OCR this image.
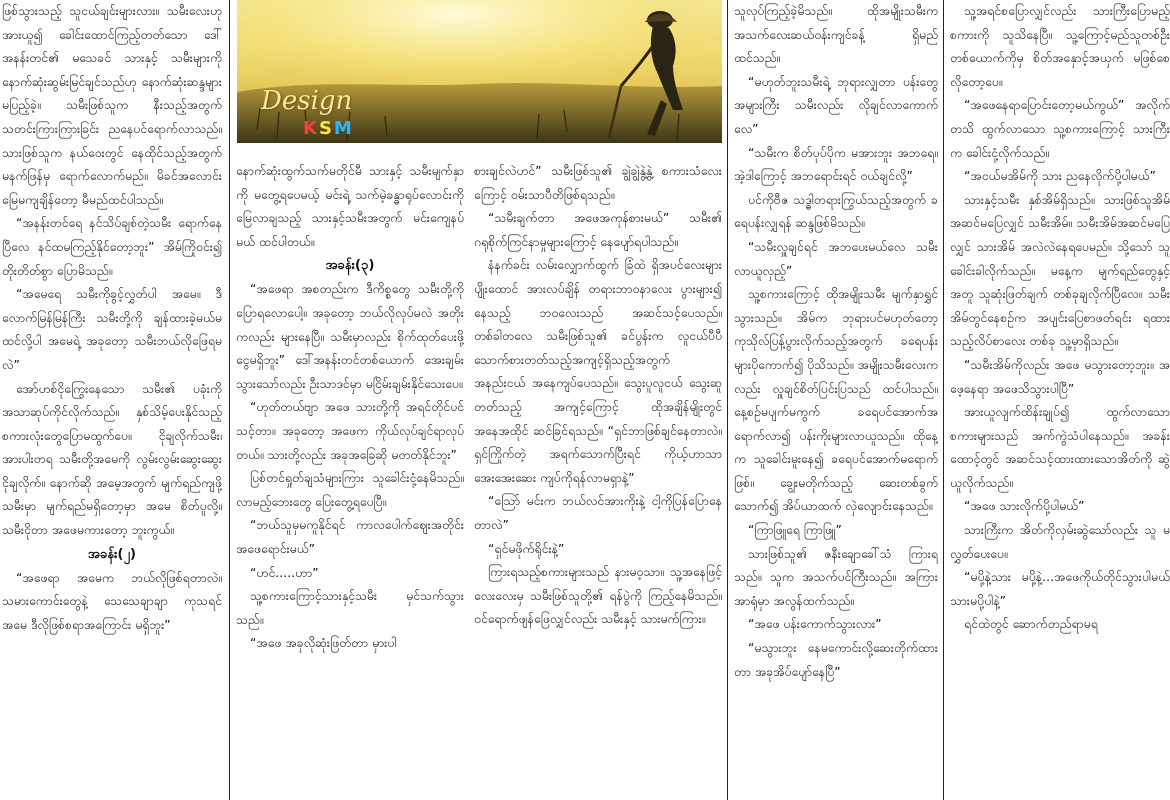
ဖြစ်သွားသည့် သူငယ်ချင်းများလား။ သမီးလေးဟု အားယူ၍ ခေါင်းထောင်ကြည့်တတ်သော ဒေါ်အနန်းတင်၏ မသေခင် သားနှင့် သမီးများကို နောက်ဆုံးဆွမ်းမြင်ချင်သည်ဟု နောက်ဆုံးဆန္ဒများ မပြည့်ခဲ့။ သမီးဖြစ်သူက နီးသည့်အတွက် သတင်းကြားကြားခြင်း ညနေပင်ရောက်လာသည်။ သားဖြစ်သူက နယ်ဝေးတွင် နေထိုင်သည့်အတွက် မနက်ဖြန်မှ ရောက်လောက်မည်။ မိခင်အလောင်း မြေမကျချိန်တော့ မီမည်ထင်ပါသည်။

“အနန်းတင်ရေ နင်သိပ်ချစ်တဲ့သမီး ရောက်နေပြီလေ နင်ထမကြည့်နိုင်တော့ဘူး” အိမ်ကြိုဝင်း၍ တိုးတိတ်စွာ ပြောမိသည်။

“အမေရေ သမီးကိုခွင့်လွှတ်ပါ အမေ။ ဒီလောက်မြန်မြန်ကြီး သမီးတို့ကို ချန်ထားခဲ့မယ်မထင်လို့ပါ အမေရဲ့ အခုတော့ သမီးဘယ်လိုဖြေရမလဲ”

အော်ဟစ်ငိုကြွေးနေသော သမီး၏ ပခုံးကို အသာဆုပ်ကိုင်လိုက်သည်။ နှစ်သိမ့်ပေးနိုင်သည့် စကားလုံးတွေပြောမထွက်ပေ။ ငိုချလိုက်သမီး၊ အားပါးတရ သမီးတို့အမေကို လွမ်းလွမ်းဆွေးဆွေး ငိုချလိုက်။ နောက်ဆို အမေ့အတွက် မျက်ရည်ကျဖို့ သမီးမှာ မျက်ရည်မရှိတော့မှာ အမေ စိတ်ပူလို့။ သမီးငိုတာ အဖေမကားတော့ ဘူးကွယ်။

အခန်း(၂)

“အဖေရာ အမေက ဘယ်လိုဖြစ်ရတာလဲ။ သမားကောင်းတွေနဲ့ သေသေချာချာ ကုသရင် အမေ ဒီလိုဖြစ်စရာအကြောင်း မရှိဘူး”

Design
KSM

နောက်ဆုံးထွက်သက်မတိုင်မီ သားနှင့် သမီးမျက်နှာကို မတွေ့ရပေမယ့် မင်းရဲ့ သက်မဲ့ခန္ဓာရုပ်လောင်းကို မြေလာချသည့် သားနှင့်သမီးအတွက် မင်းကျေနပ်မယ် ထင်ပါတယ်။

အခန်း(၃)

“အဖေရာ အစတည်းက ဒီကိစ္စတွေ သမီးတို့ကို ပြောရလောပေါ့။ အခုတော့ ဘယ်လိုလုပ်မလဲ အတိုးကလည်း များနေပြီ။ သမီးမှာလည်း စိုက်ထုတ်ပေးဖို့ ငွေမရှိဘူး” ဒေါ်အနန်းတင်တစ်ယောက် အေးချမ်းသွားသော်လည်း ဦးသာဒင်မှာ မငြိမ်းချမ်းနိုင်သေးပေ။

“ဟုတ်တယ်ဗျာ အဖေ သားတို့ကို အရင်တိုင်ပင်သင့်တာ။ အခုတော့ အဖေက ကိုယ်လုပ်ချင်ရာလုပ်တယ်။ သားတို့လည်း အခုအခြေဆို မတတ်နိုင်ဘူး”

ပြစ်တင်ရှုတ်ချသံများကြား သူခေါင်းငုံ့နေမိသည်။ လာမည့်ဘေးတွေ ပြေးတွေ့ရပေပြီ။

“ဘယ်သူမှမကူနိုင်ရင် ကာလပေါက်ဈေးအတိုင်း အဖေရောင်းမယ်”

“ဟင်.....ဟာ”

သူ့စကားကြောင့်သားနှင့်သမီး မှင်သက်သွားသည်။

“အဖေ အခုလိုဆုံးဖြတ်တာ မှားပါ

စားချင်လဲဟင်” သမီးဖြစ်သူ၏ ချွဲချွဲနွဲ့နွဲ့ စကားသံလေးကြောင့် ဝမ်းသာပီတိဖြစ်ရသည်။

“သမီးချက်တာ အဖေအကုန်စားမယ်” သမီး၏ ဂရုစိုက်ကြင်နာမှုများကြောင့် နေပျော်ရပါသည်။

နံနက်ခင်း လမ်းလျှောက်ထွက် ခြံထဲ ရှိအပင်လေးများပျိုးထောင် အားလပ်ချိန် တရားဘာဝနာလေး ပွားများ၍ နေသည့် ဘဝလေးသည် အဆင်သင့်ပေသည်။ တစ်ခါတလေ သမီးဖြစ်သူ၏ ခင်ပွန်းက လူငယ်ပီပီ သောက်စားတတ်သည့်အကျင့်ရှိသည့်အတွက် အနည်းငယ် အနေကျပ်ပေသည်။ သွေးပူလူငယ် သွေးဆူတတ်သည့် အကျင့်ကြောင့် ထိုအချိန်မျိုးတွင် အနေအထိုင် ဆင်ခြင်ရသည်။ “ရှင်ဘာဖြစ်ချင်နေတာလဲ။ ရှင်ကြိုက်တဲ့ အရက်သောက်ပြီးရင် ကိုယ့်ဟာသာအေးအေးဆေး ကျပ်ကိုရန်လာမရှာနဲ့”

“ဩော် မင်းက ဘယ်လင်အားကိုးနဲ့ ငါ့ကိုပြန်ပြောနေတာလဲ”

“ရှင်မဖိုက်ရိုင်းနဲ့”

ကြားရသည့်စကားများသည် နားမဝ့သာ။ သူ့အနေဖြင့်လေးလေးမှ သမီးဖြစ်သူတို့၏ ရန်ပွဲကို ကြည့်နေမိသည်။ ဝင်ရောက်ဖျန်ဖြေလျှင်လည်း သမီးနှင့် သားမက်ကြား။

သူလုပ်ကြည့်ခဲ့မိသည်။ ထိုအမျိုးသမီးက အသက်လေးဆယ်ဝန်းကျင်ခန့် ရှိမည်ထင်သည်။

“မဟုတ်ဘူးသမီးရဲ့ ဘုရားလျှတာ ပန်းတွေအများကြီး သမီးလည်း လိုချင်လာကောက်လေ”

“သမီးက စိတ်ပုပ်ပိုက မအားဘူး အဘရေ။ အဲ့ဒါကြောင့် အဘရောင်းရင် ဝယ်ချင်လို့”

ပင်ကိုဗီဇ သဒ္ဓါတရားကြွယ်သည့်အတွက် ခရေပန်းလျှရန် ဆန္ဒဖြစ်မိသည်။

“သမီးလှူချင်ရင် အဘပေးမယ်လေ သမီးလာယူလှည့်”

သူ့စကားကြောင့် ထိုအမျိုးသမီး မျက်နှာရွှင်သွားသည်။ အိမ်က ဘုရားပင်မဟုတ်တော့ ကုသိုလ်ပြန့်ပွားလိုက်သည့်အတွက် ခရေပန်းများပိုကောက်၍ ပိုသိသည်။ အမျိုးသမီးလေးကလည်း လှူချင်စိတ်ပြင်းပြသည် ထင်ပါသည်။ နေ့စဉ်မပျက်မကွက် ခရေပင်အောက်အရောက်လာ၍ ပန်းကိုးများလာယူသည်။ ထိုနေ့က သူခေါင်းမူးနေ၍ ခရေပင်အောက်မရောက်ဖြစ်။ ချွေးမတိုက်သည့် ဆေးတစ်ခွက်သောက်၍ အိပ်ယာထက် လှဲလျောင်းနေသည်။

“ကြာဖြူရေ ကြာဖြူ”

သားဖြစ်သူ၏ ဇနီးချောခေါ်သံ ကြားရသည်။ သူက အသက်ပင်ကြီးသည်။ အကြားအာရုံမှာ အလွန်ထက်သည်။

“အဖေ ပန်းကောက်သွားလား”

“မသွားဘူး နေမကောင်းလို့ဆေးတိုက်ထားတာ အခုအိပ်ပျော်နေပြီ”

သူ့အရင်စပြောလျှင်လည်း သားကြီးပြောမည့်စကားကို သူသိနေပြီ။ သူ့ကြောင့်မည်သူတစ်ဦးတစ်ယောက်ကိုမှ စိတ်အနှောင့်အယှက် မဖြစ်စေလိုတော့ပေ။

“အဖေနေရာပြောင်းတော့မယ်ကွယ်” အလိုက်တသိ ထွက်လာသော သူ့စကားကြောင့် သားကြီးက ခေါင်းငုံ့လိုက်သည်။

“အငယ်မအိမ်ကို သား ညနေလိုက်ပို့ပါမယ်”

သားနှင့်သမီး နှစ်အိမ်ရှိသည်။ သားဖြစ်သူအိမ် အဆင်မပြေလျှင် သမီးအိမ်။ သမီးအိမ်အဆင်မပြေလျှင် သားအိမ် အလဲလဲနေရပေမည်။ သို့သော် သူခေါင်းခါလိုက်သည်။ မနေ့က မျက်ရည်တွေနှင့် အတူ သူဆုံးဖြတ်ချက် တစ်ခုချလိုက်ပြီလေ။ သမီးအိမ်တွင်နေစဉ်က အပျင်းပြေစာဖတ်ရင်း ရထားသည့်လိပ်စာလေး တစ်ခု သူ့မှာရှိသည်။

“သမီးအိမ်ကိုလည်း အဖေ မသွားတော့ဘူး။ အဖေ့နေရာ အဖေသိသွားပါပြီ”

အားယူလျက်ထိန်းချုပ်၍ ထွက်လာသောစကားများသည် အက်ကွဲသံပါနေသည်။ အခန်းထောင့်တွင် အဆင်သင့်ထားထားသောအိတ်ကို ဆွဲယူလိုက်သည်။

“အဖေ သားလိုက်ပို့ပါမယ်”

သားကြီးက အိတ်ကိုလှမ်းဆွဲသော်လည်း သူ မလွှတ်ပေးပေ။

“မပို့နဲ့သား မပို့နဲ့...အဖေကိုယ်တိုင်သွားပါမယ် သားမပို့ပါနဲ့”

ရင်ထဲတွင် ဆောက်တည်ရာမရ
